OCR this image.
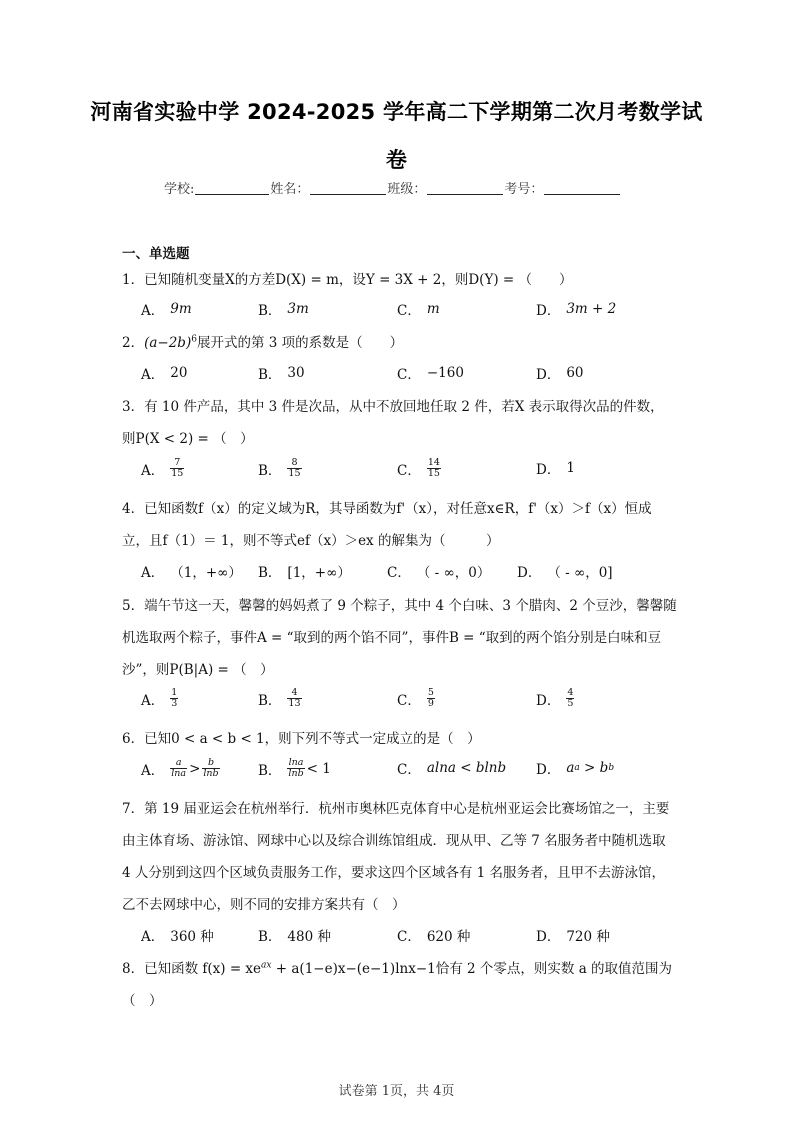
河南省实验中学 2024-2025 学年高二下学期第二次月考数学试
卷
学校:	姓名：	班级：	考号：
一、单选题
1．已知随机变量X的方差D(X) = m，设Y = 3X + 2，则D(Y) = （　　）
A． 9m	B． 3m	C． m	D． 3m + 2
2．$(a-2b)^6$展开式的第 3 项的系数是（　　）
A． 20	B． 30	C． −160	D． 60
3．有 10 件产品，其中 3 件是次品，从中不放回地任取 2 件，若X 表示取得次品的件数，
则P(X < 2) = （　）
A． $\frac{7}{15}$	B． $\frac{8}{15}$	C． $\frac{14}{15}$	D． 1
4．已知函数f（x）的定义域为R，其导函数为f'（x），对任意x∈R，f'（x）＞f（x）恒成
立，且f（1）＝ 1，则不等式ef（x）＞ex 的解集为（　　　）
A． （1，+∞） B． [1，+∞）	C． （ - ∞，0） D． （ - ∞，0]
5．端午节这一天，馨馨的妈妈煮了 9 个粽子，其中 4 个白味、3 个腊肉、2 个豆沙，馨馨随
机选取两个粽子，事件A = “取到的两个馅不同”，事件B = “取到的两个馅分别是白味和豆
沙”，则P(B|A) = （　）
A． $\frac{1}{3}$	B． $\frac{4}{13}$	C． $\frac{5}{9}$	D． $\frac{4}{5}$
6．已知0 < a < b < 1，则下列不等式一定成立的是（　）
A． $\frac{a}{\ln a} > \frac{b}{\ln b}$	B． $\frac{\ln a}{\ln b} < 1$	C． alna < blnb D． a a > b b
7．第 19 届亚运会在杭州举行．杭州市奥林匹克体育中心是杭州亚运会比赛场馆之一，主要
由主体育场、游泳馆、网球中心以及综合训练馆组成．现从甲、乙等 7 名服务者中随机选取
4 人分别到这四个区域负责服务工作，要求这四个区域各有 1 名服务者，且甲不去游泳馆，
乙不去网球中心，则不同的安排方案共有（　）
A． 360 种	B． 480 种	C． 620 种	D． 720 种
8．已知函数 $f(x) = xe^{ax} + a(1-e)x-(e-1)\ln x-1$恰有 2 个零点，则实数 a 的取值范围为
（　）
试卷第 1页，共 4页
